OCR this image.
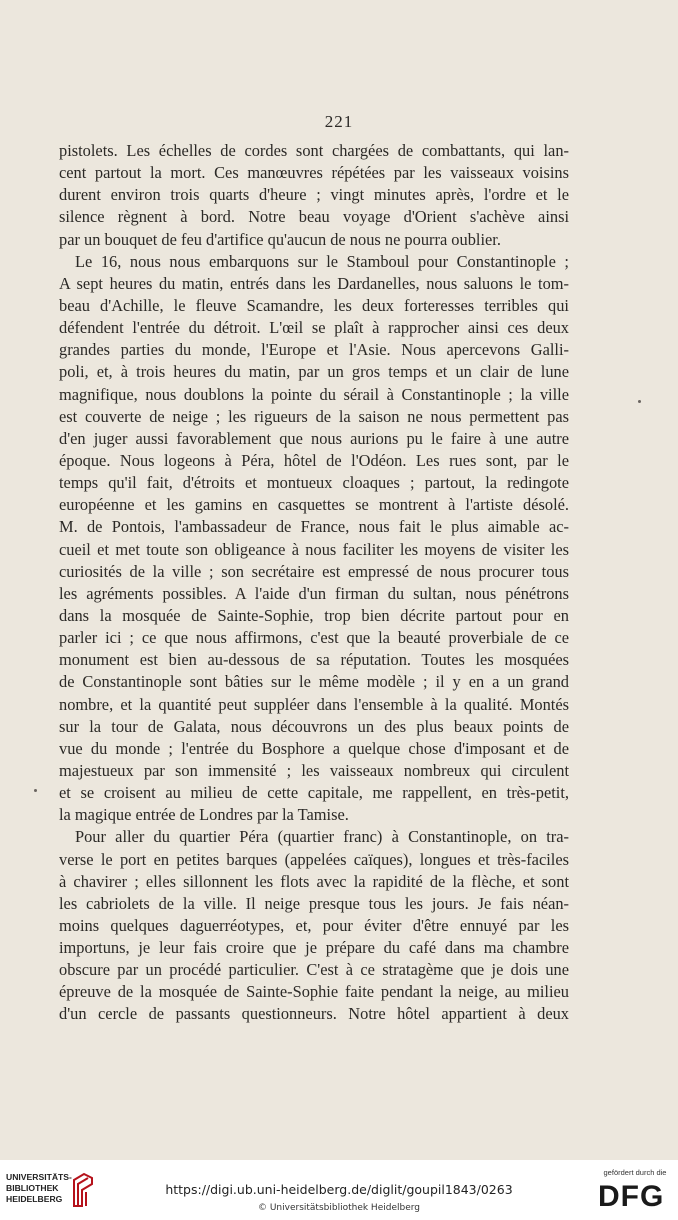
221
pistolets. Les échelles de cordes sont chargées de combattants, qui lan-
cent partout la mort. Ces manœuvres répétées par les vaisseaux voisins
durent environ trois quarts d'heure ; vingt minutes après, l'ordre et le
silence règnent à bord. Notre beau voyage d'Orient s'achève ainsi
par un bouquet de feu d'artifice qu'aucun de nous ne pourra oublier.
Le 16, nous nous embarquons sur le Stamboul pour Constantinople ;
A sept heures du matin, entrés dans les Dardanelles, nous saluons le tom-
beau d'Achille, le fleuve Scamandre, les deux forteresses terribles qui
défendent l'entrée du détroit. L'œil se plaît à rapprocher ainsi ces deux
grandes parties du monde, l'Europe et l'Asie. Nous apercevons Galli-
poli, et, à trois heures du matin, par un gros temps et un clair de lune
magnifique, nous doublons la pointe du sérail à Constantinople ; la ville
est couverte de neige ; les rigueurs de la saison ne nous permettent pas
d'en juger aussi favorablement que nous aurions pu le faire à une autre
époque. Nous logeons à Péra, hôtel de l'Odéon. Les rues sont, par le
temps qu'il fait, d'étroits et montueux cloaques ; partout, la redingote
européenne et les gamins en casquettes se montrent à l'artiste désolé.
M. de Pontois, l'ambassadeur de France, nous fait le plus aimable ac-
cueil et met toute son obligeance à nous faciliter les moyens de visiter les
curiosités de la ville ; son secrétaire est empressé de nous procurer tous
les agréments possibles. A l'aide d'un firman du sultan, nous pénétrons
dans la mosquée de Sainte-Sophie, trop bien décrite partout pour en
parler ici ; ce que nous affirmons, c'est que la beauté proverbiale de ce
monument est bien au-dessous de sa réputation. Toutes les mosquées
de Constantinople sont bâties sur le même modèle ; il y en a un grand
nombre, et la quantité peut suppléer dans l'ensemble à la qualité. Montés
sur la tour de Galata, nous découvrons un des plus beaux points de
vue du monde ; l'entrée du Bosphore a quelque chose d'imposant et de
majestueux par son immensité ; les vaisseaux nombreux qui circulent
et se croisent au milieu de cette capitale, me rappellent, en très-petit,
la magique entrée de Londres par la Tamise.
Pour aller du quartier Péra (quartier franc) à Constantinople, on tra-
verse le port en petites barques (appelées caïques), longues et très-faciles
à chavirer ; elles sillonnent les flots avec la rapidité de la flèche, et sont
les cabriolets de la ville. Il neige presque tous les jours. Je fais néan-
moins quelques daguerréotypes, et, pour éviter d'être ennuyé par les
importuns, je leur fais croire que je prépare du café dans ma chambre
obscure par un procédé particulier. C'est à ce stratagème que je dois une
épreuve de la mosquée de Sainte-Sophie faite pendant la neige, au milieu
d'un cercle de passants questionneurs. Notre hôtel appartient à deux
UNIVERSITÄTS-
BIBLIOTHEK
HEIDELBERG
https://digi.ub.uni-heidelberg.de/diglit/goupil1843/0263
© Universitätsbibliothek Heidelberg
gefördert durch die
DFG
